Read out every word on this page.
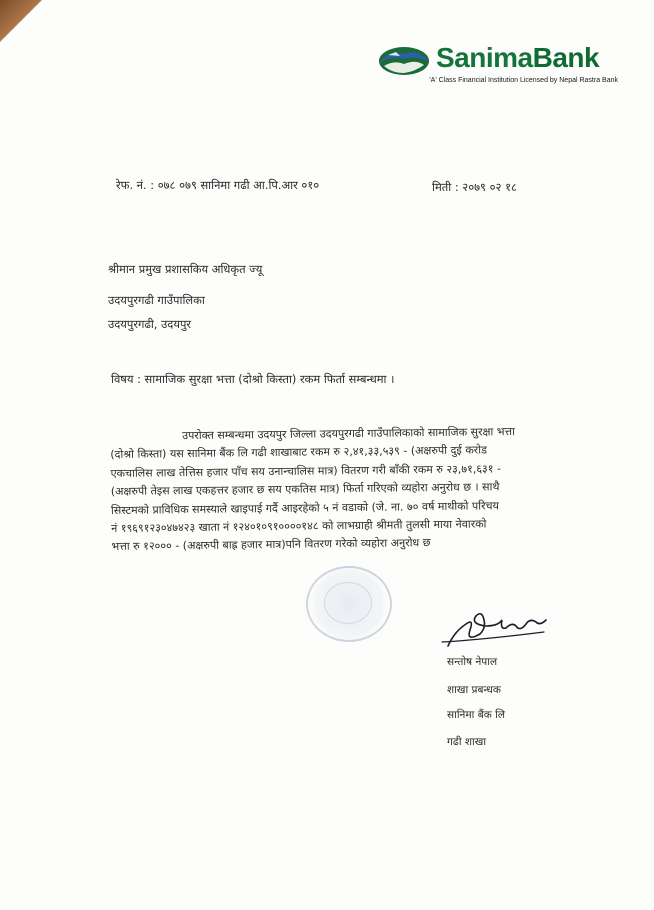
SanimaBank
'A' Class Financial Institution Licensed by Nepal Rastra Bank
रेफ. नं. : ०७८ ०७९ सानिमा गढी आ.पि.आर ०१०	मिती : २०७९ ०२ १८
श्रीमान प्रमुख प्रशासकिय अधिकृत ज्यू
उदयपुरगढी गाउँपालिका
उदयपुरगढी, उदयपुर
विषय : सामाजिक सुरक्षा भत्ता (दोश्रो किस्ता) रकम फिर्ता सम्बन्धमा ।
उपरोक्त सम्बन्धमा उदयपुर जिल्ला उदयपुरगढी गाउँपालिकाको सामाजिक सुरक्षा भत्ता
(दोश्रो किस्ता) यस सानिमा बैंक लि गढी शाखाबाट रकम रु २,४१,३३,५३९ - (अक्षरुपी दुई करोड
एकचालिस लाख तेत्तिस हजार पाँच सय उनान्चालिस मात्र) वितरण गरी बाँकी रकम रु २३,७१,६३१ -
(अक्षरुपी तेइस लाख एकहत्तर हजार छ सय एकतिस मात्र) फिर्ता गरिएको व्यहोरा अनुरोध छ । साथै
सिस्टमको प्राविधिक समस्याले खाइपाई गर्दै आइरहेको ५ नं वडाको (जे. ना. ७० वर्ष माथीको परिचय
नं १९६९१२३०४७४२३ खाता नं १२४०१०९१००००१४८ को लाभग्राही श्रीमती तुलसी माया नेवारको
भत्ता रु १२००० - (अक्षरुपी बाह्र हजार मात्र)पनि वितरण गरेको व्यहोरा अनुरोध छ
सन्तोष नेपाल
शाखा प्रबन्धक
सानिमा बैंक लि
गढी शाखा
